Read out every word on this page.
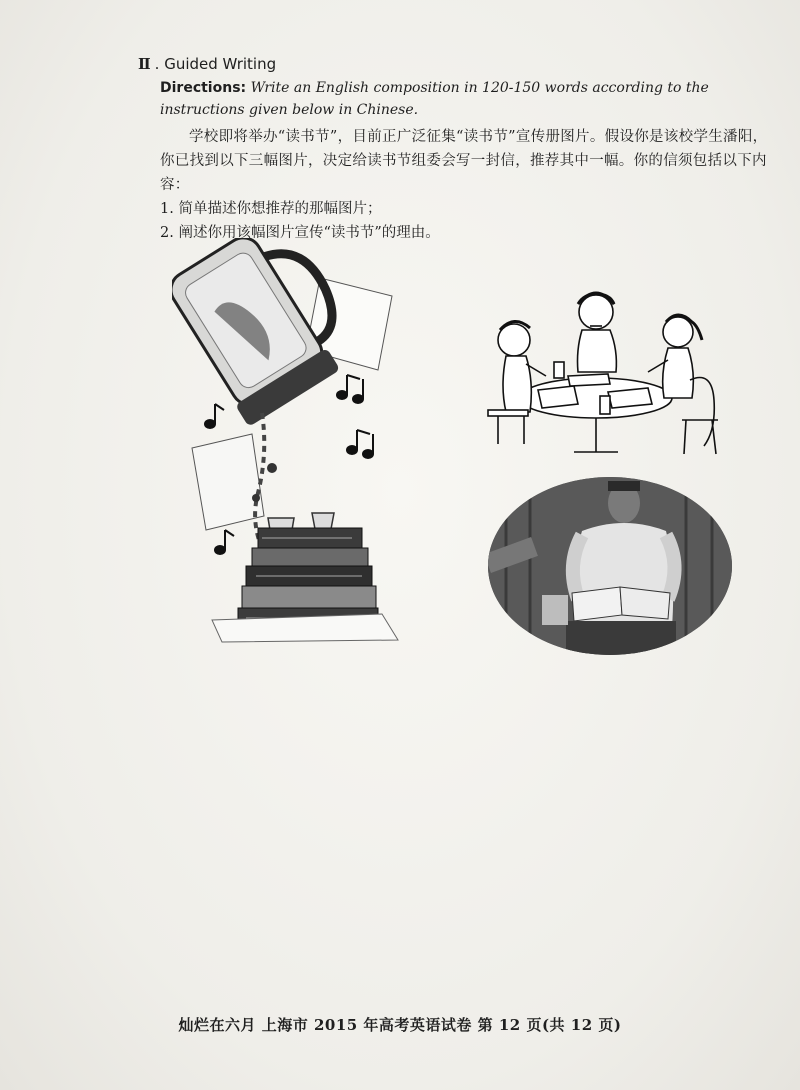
Ⅱ . Guided Writing

Directions: Write an English composition in 120-150 words according to the instructions given below in Chinese.

学校即将举办“读书节”，目前正广泛征集“读书节”宣传册图片。假设你是该校学生潘阳，你已找到以下三幅图片，决定给读书节组委会写一封信，推荐其中一幅。你的信须包括以下内容：

1. 简单描述你想推荐的那幅图片；

2. 阐述你用该幅图片宣传“读书节”的理由。

灿烂在六月 上海市 2015 年高考英语试卷 第 12 页(共 12 页)
